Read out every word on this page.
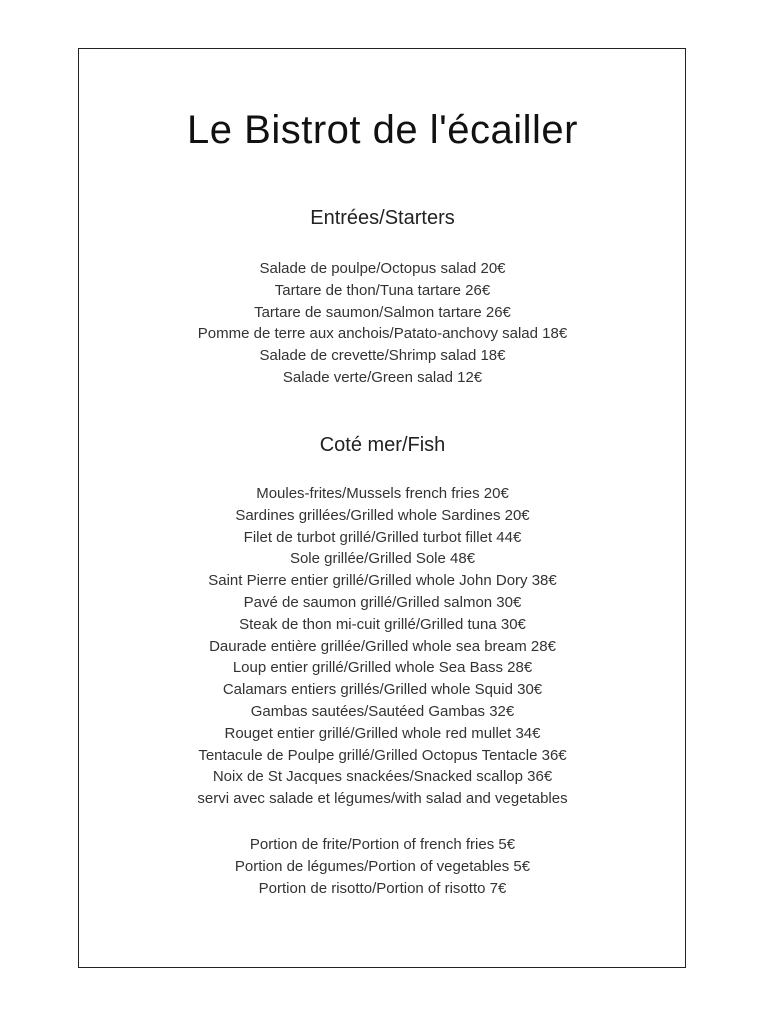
Le Bistrot de l'écailler
Entrées/Starters
Salade de poulpe/Octopus salad 20€
Tartare de thon/Tuna tartare 26€
Tartare de saumon/Salmon tartare 26€
Pomme de terre aux anchois/Patato-anchovy salad 18€
Salade de crevette/Shrimp salad 18€
Salade verte/Green salad 12€
Coté mer/Fish
Moules-frites/Mussels french fries 20€
Sardines grillées/Grilled whole Sardines 20€
Filet de turbot grillé/Grilled turbot fillet 44€
Sole grillée/Grilled Sole 48€
Saint Pierre entier grillé/Grilled whole John Dory 38€
Pavé de saumon grillé/Grilled salmon 30€
Steak de thon mi-cuit grillé/Grilled tuna 30€
Daurade entière grillée/Grilled whole sea bream 28€
Loup entier grillé/Grilled whole Sea Bass 28€
Calamars entiers grillés/Grilled whole Squid 30€
Gambas sautées/Sautéed Gambas 32€
Rouget entier grillé/Grilled whole red mullet 34€
Tentacule de Poulpe grillé/Grilled Octopus Tentacle 36€
Noix de St Jacques snackées/Snacked scallop 36€
servi avec salade et légumes/with salad and vegetables
Portion de frite/Portion of french fries 5€
Portion de légumes/Portion of vegetables 5€
Portion de risotto/Portion of risotto 7€
